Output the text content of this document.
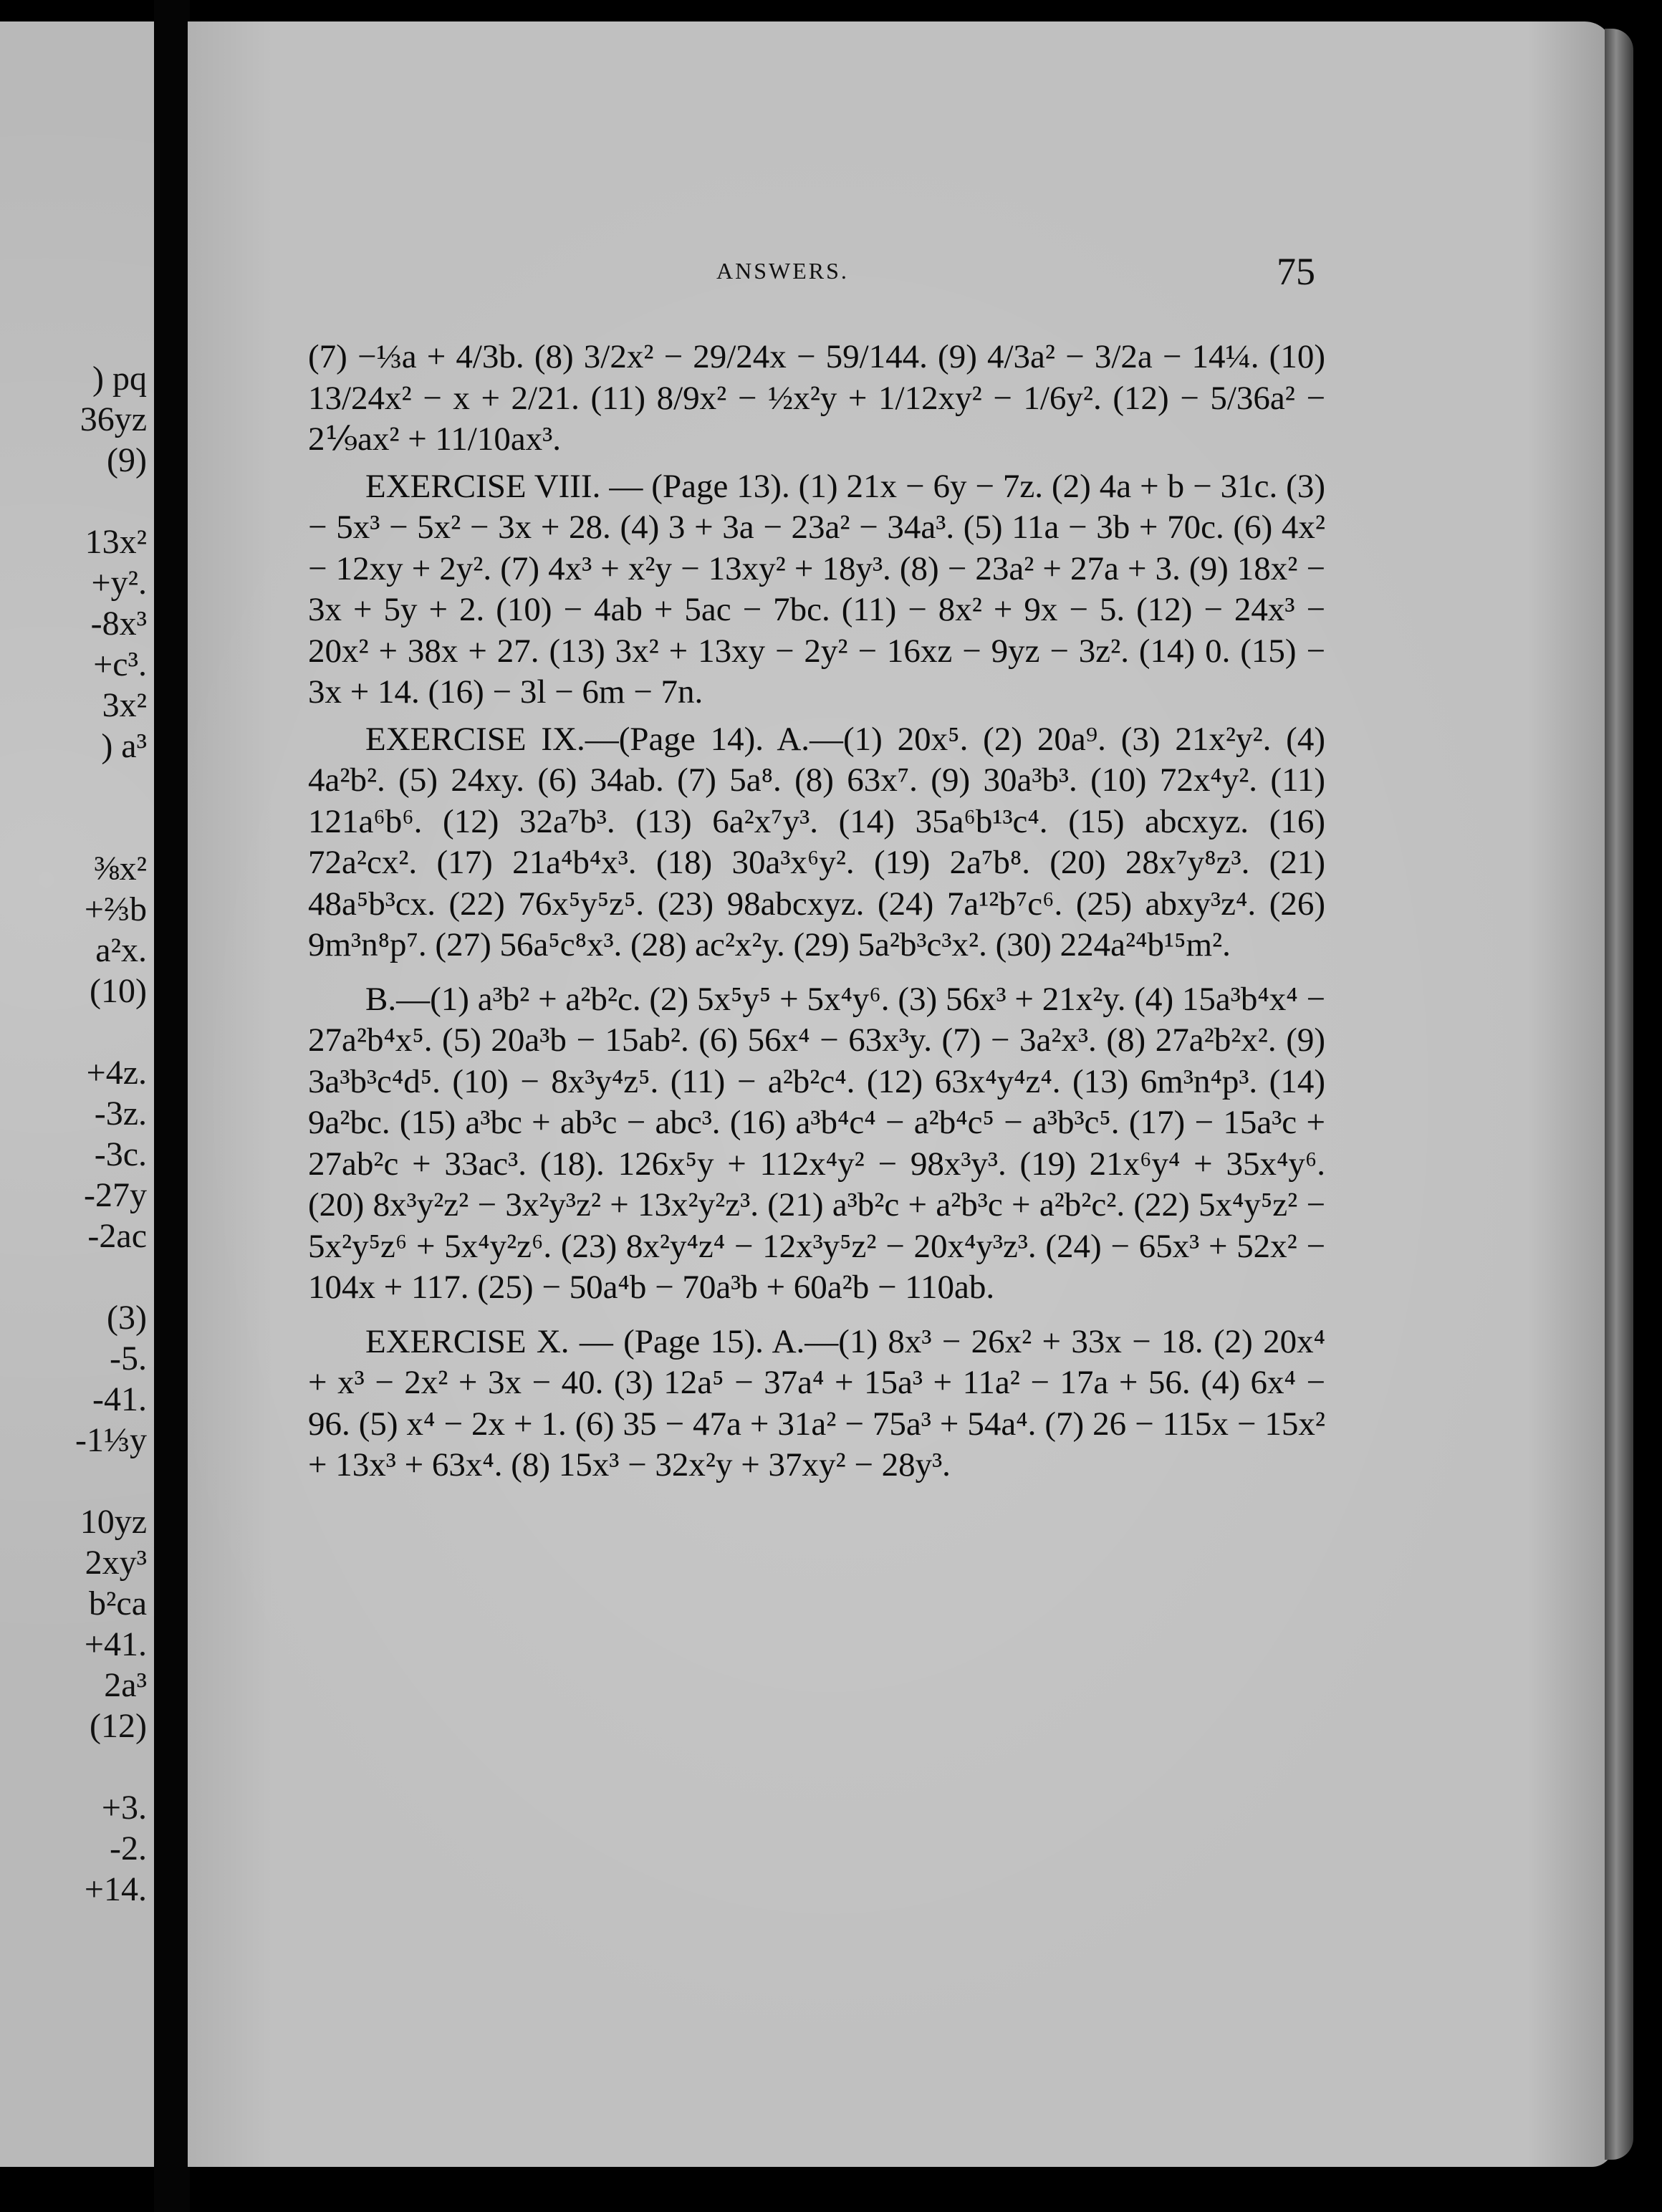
) pq
36yz
(9)
13x²
+y².
-8x³
+c³.
3x²
) a³
⅜x²
+⅔b
a²x.
(10)
+4z.
-3z.
-3c.
-27y
-2ac
(3)
-5.
-41.
-1⅓y
10yz
2xy³
b²ca
+41.
2a³
(12)
+3.
-2.
+14.
ANSWERS.	75

(7) −⅓a + 4/3b. (8) 3/2x² − 29/24x − 59/144. (9) 4/3a² − 3/2a − 14¼. (10) 13/24x² − x + 2/21. (11) 8/9x² − ½x²y + 1/12xy² − 1/6y². (12) − 5/36a² − 2⅑ax² + 11/10ax³.

EXERCISE VIII. — (Page 13). (1) 21x − 6y − 7z. (2) 4a + b − 31c. (3) − 5x³ − 5x² − 3x + 28. (4) 3 + 3a − 23a² − 34a³. (5) 11a − 3b + 70c. (6) 4x² − 12xy + 2y². (7) 4x³ + x²y − 13xy² + 18y³. (8) − 23a² + 27a + 3. (9) 18x² − 3x + 5y + 2. (10) − 4ab + 5ac − 7bc. (11) − 8x² + 9x − 5. (12) − 24x³ − 20x² + 38x + 27. (13) 3x² + 13xy − 2y² − 16xz − 9yz − 3z². (14) 0. (15) − 3x + 14. (16) − 3l − 6m − 7n.

EXERCISE IX.—(Page 14). A.—(1) 20x⁵. (2) 20a⁹. (3) 21x²y². (4) 4a²b². (5) 24xy. (6) 34ab. (7) 5a⁸. (8) 63x⁷. (9) 30a³b³. (10) 72x⁴y². (11) 121a⁶b⁶. (12) 32a⁷b³. (13) 6a²x⁷y³. (14) 35a⁶b¹³c⁴. (15) abcxyz. (16) 72a²cx². (17) 21a⁴b⁴x³. (18) 30a³x⁶y². (19) 2a⁷b⁸. (20) 28x⁷y⁸z³. (21) 48a⁵b³cx. (22) 76x⁵y⁵z⁵. (23) 98abcxyz. (24) 7a¹²b⁷c⁶. (25) abxy³z⁴. (26) 9m³n⁸p⁷. (27) 56a⁵c⁸x³. (28) ac²x²y. (29) 5a²b³c³x². (30) 224a²⁴b¹⁵m².

B.—(1) a³b² + a²b²c. (2) 5x⁵y⁵ + 5x⁴y⁶. (3) 56x³ + 21x²y. (4) 15a³b⁴x⁴ − 27a²b⁴x⁵. (5) 20a³b − 15ab². (6) 56x⁴ − 63x³y. (7) − 3a²x³. (8) 27a²b²x². (9) 3a³b³c⁴d⁵. (10) − 8x³y⁴z⁵. (11) − a²b²c⁴. (12) 63x⁴y⁴z⁴. (13) 6m³n⁴p³. (14) 9a²bc. (15) a³bc + ab³c − abc³. (16) a³b⁴c⁴ − a²b⁴c⁵ − a³b³c⁵. (17) − 15a³c + 27ab²c + 33ac³. (18). 126x⁵y + 112x⁴y² − 98x³y³. (19) 21x⁶y⁴ + 35x⁴y⁶. (20) 8x³y²z² − 3x²y³z² + 13x²y²z³. (21) a³b²c + a²b³c + a²b²c². (22) 5x⁴y⁵z² − 5x²y⁵z⁶ + 5x⁴y²z⁶. (23) 8x²y⁴z⁴ − 12x³y⁵z² − 20x⁴y³z³. (24) − 65x³ + 52x² − 104x + 117. (25) − 50a⁴b − 70a³b + 60a²b − 110ab.

EXERCISE X. — (Page 15). A.—(1) 8x³ − 26x² + 33x − 18. (2) 20x⁴ + x³ − 2x² + 3x − 40. (3) 12a⁵ − 37a⁴ + 15a³ + 11a² − 17a + 56. (4) 6x⁴ − 96. (5) x⁴ − 2x + 1. (6) 35 − 47a + 31a² − 75a³ + 54a⁴. (7) 26 − 115x − 15x² + 13x³ + 63x⁴. (8) 15x³ − 32x²y + 37xy² − 28y³.
